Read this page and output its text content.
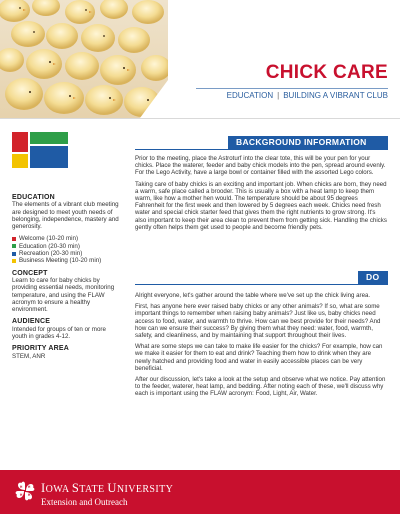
CHICK CARE
EDUCATION | BUILDING A VIBRANT CLUB
EDUCATION

The elements of a vibrant club meeting are designed to meet youth needs of belonging, independence, mastery and generosity.

Welcome (10-20 min)
Education (20-30 min)
Recreation (20-30 min)
Business Meeting (10-20 min)
CONCEPT

Learn to care for baby chicks by providing essential needs, monitoring temperature, and using the FLAW acronym to ensure a healthy environment.

AUDIENCE

Intended for groups of ten or more youth in grades 4-12.

PRIORITY AREA

STEM, ANR

BACKGROUND INFORMATION

Prior to the meeting, place the Astroturf into the clear tote, this will be your pen for your chicks. Place the waterer, feeder and baby chick models into the pen, spread around evenly. For the Lego Activity, have a large bowl or container filled with the assorted Lego colors.

Taking care of baby chicks is an exciting and important job. When chicks are born, they need a warm, safe place called a brooder. This is usually a box with a heat lamp to keep them warm, like how a mother hen would. The temperature should be about 95 degrees Fahrenheit for the first week and then lowered by 5 degrees each week. Chicks need fresh water and special chick starter feed that gives them the right nutrients to grow strong. It's also important to keep their area clean to prevent them from getting sick. Handling the chicks gently often helps them get used to people and become friendly pets.

DO

Alright everyone, let's gather around the table where we've set up the chick living area.

First, has anyone here ever raised baby chicks or any other animals? If so, what are some important things to remember when raising baby animals? Just like us, baby chicks need access to food, water, and warmth to thrive. How can we best provide for their needs? And how can we ensure their success? By giving them what they need: water, food, warmth, safety, and cleanliness, and by maintaining that support throughout their lives.

What are some steps we can take to make life easier for the chicks? For example, how can we make it easier for them to eat and drink? Teaching them how to drink when they are newly hatched and providing food and water in easily accessible places can be very beneficial.

After our discussion, let's take a look at the setup and observe what we notice. Pay attention to the feeder, waterer, heat lamp, and bedding. After noting each of these, we'll discuss why each is important using the FLAW acronym: Food, Light, Air, Water.

H H
H H IOWA STATE UNIVERSITY
Extension and Outreach
